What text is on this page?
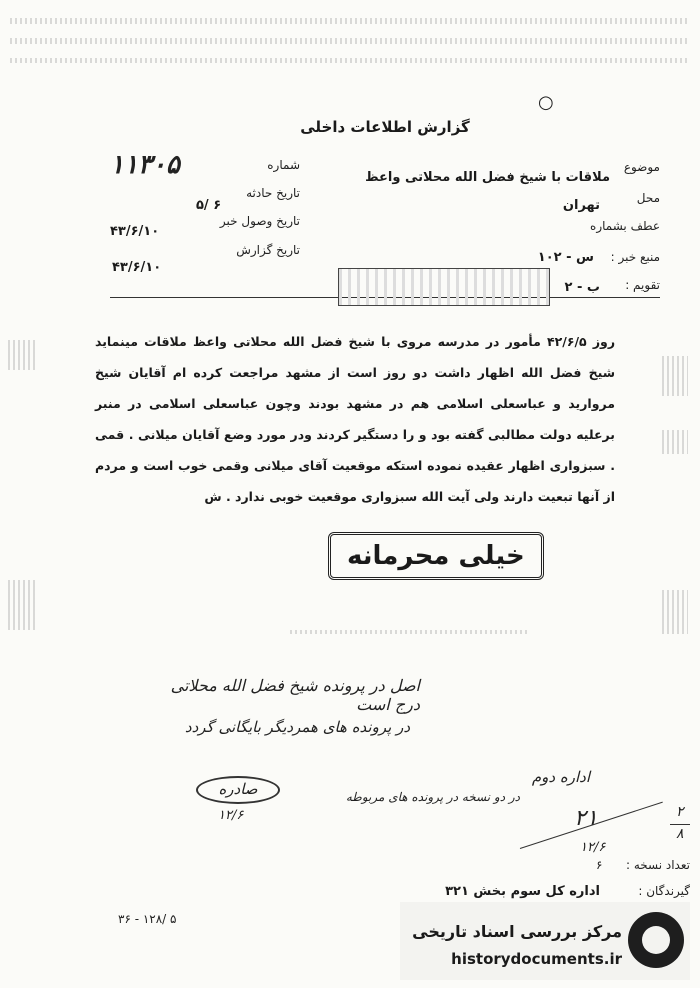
○
گزارش اطلاعات داخلی
موضوع
ملاقات با شیخ فضل الله محلاتی واعظ
محل
تهران
عطف بشماره
منبع خبر :
س - ۱۰۲
تقویم :
ب - ۲
۱۱۳۰۵	شماره
تاریخ حادثه
۵/ ۶
تاریخ وصول خبر
۴۳/۶/۱۰
تاریخ گزارش
۴۳/۶/۱۰
روز ۴۲/۶/۵ مأمور در مدرسه مروی با شیخ فضل الله محلاتی واعظ ملاقات مینماید شیخ فضل الله اظهار داشت دو روز است از مشهد مراجعت کرده ام آقایان شیخ مروارید و عباسعلی اسلامی هم در مشهد بودند وچون عباسعلی اسلامی در منبر برعلیه دولت مطالبی گفته بود و را دستگیر کردند ودر مورد وضع آقایان میلانی . قمی . سبزواری اظهار عقیده نموده استکه موقعیت آقای میلانی وقمی خوب است و مردم از آنها تبعیت دارند ولی آیت الله سبزواری موقعیت خوبی ندارد . ش
خیلی محرمانه
اصل در پرونده شیخ فضل الله محلاتی درج است
در پرونده های همردیگر بایگانی گردد
در دو نسخه در پرونده های مربوطه
صادره
۱۲/۶
اداره دوم
۲۱
۱۲/۶
۲
۸
تعداد نسخه :
۶
گیرندگان :
اداره کل سوم بخش ۳۲۱
۳۶ - ۱۲۸/ ۵
مرکز بررسی اسناد تاریخی
historydocuments.ir
